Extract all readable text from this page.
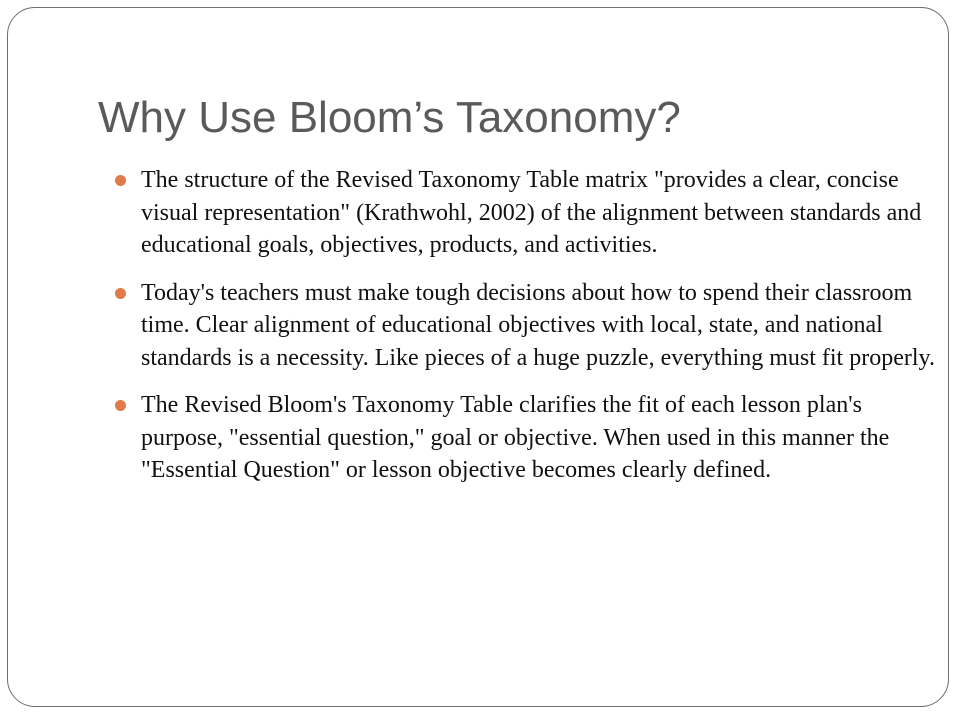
Why Use Bloom’s Taxonomy?
The structure of the Revised Taxonomy Table matrix "provides a clear, concise visual representation" (Krathwohl, 2002) of the alignment between standards and educational goals, objectives, products, and activities.
Today's teachers must make tough decisions about how to spend their classroom time. Clear alignment of educational objectives with local, state, and national standards is a necessity. Like pieces of a huge puzzle, everything must fit properly.
The Revised Bloom's Taxonomy Table clarifies the fit of each lesson plan's purpose, "essential question," goal or objective. When used in this manner the "Essential Question" or lesson objective becomes clearly defined.
